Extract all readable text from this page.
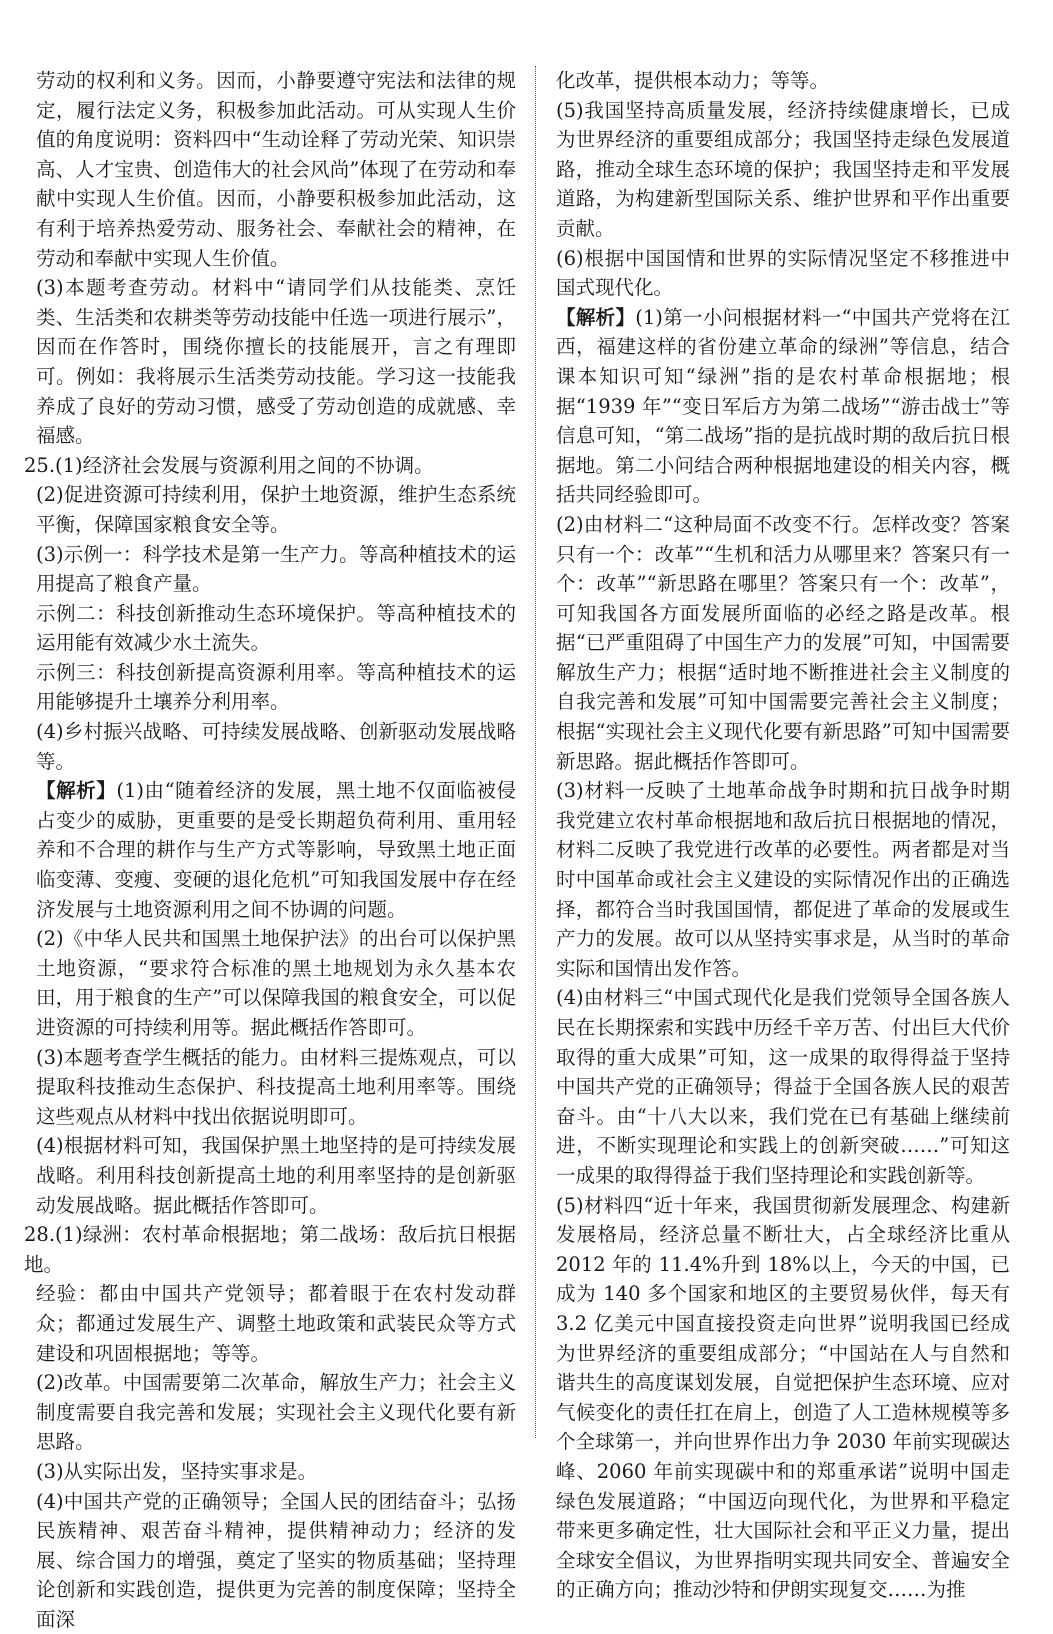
劳动的权利和义务。因而，小静要遵守宪法和法律的规定，履行法定义务，积极参加此活动。可从实现人生价值的角度说明：资料四中“生动诠释了劳动光荣、知识崇高、人才宝贵、创造伟大的社会风尚”体现了在劳动和奉献中实现人生价值。因而，小静要积极参加此活动，这有利于培养热爱劳动、服务社会、奉献社会的精神，在劳动和奉献中实现人生价值。

(3)本题考查劳动。材料中“请同学们从技能类、烹饪类、生活类和农耕类等劳动技能中任选一项进行展示”，因而在作答时，围绕你擅长的技能展开，言之有理即可。例如：我将展示生活类劳动技能。学习这一技能我养成了良好的劳动习惯，感受了劳动创造的成就感、幸福感。

25.(1)经济社会发展与资源利用之间的不协调。

(2)促进资源可持续利用，保护土地资源，维护生态系统平衡，保障国家粮食安全等。

(3)示例一：科学技术是第一生产力。等高种植技术的运用提高了粮食产量。

示例二：科技创新推动生态环境保护。等高种植技术的运用能有效减少水土流失。

示例三：科技创新提高资源利用率。等高种植技术的运用能够提升土壤养分利用率。

(4)乡村振兴战略、可持续发展战略、创新驱动发展战略等。

【解析】(1)由“随着经济的发展，黑土地不仅面临被侵占变少的威胁，更重要的是受长期超负荷利用、重用轻养和不合理的耕作与生产方式等影响，导致黑土地正面临变薄、变瘦、变硬的退化危机”可知我国发展中存在经济发展与土地资源利用之间不协调的问题。

(2)《中华人民共和国黑土地保护法》的出台可以保护黑土地资源，“要求符合标准的黑土地规划为永久基本农田，用于粮食的生产”可以保障我国的粮食安全，可以促进资源的可持续利用等。据此概括作答即可。

(3)本题考查学生概括的能力。由材料三提炼观点，可以提取科技推动生态保护、科技提高土地利用率等。围绕这些观点从材料中找出依据说明即可。

(4)根据材料可知，我国保护黑土地坚持的是可持续发展战略。利用科技创新提高土地的利用率坚持的是创新驱动发展战略。据此概括作答即可。

28.(1)绿洲：农村革命根据地；第二战场：敌后抗日根据地。

经验：都由中国共产党领导；都着眼于在农村发动群众；都通过发展生产、调整土地政策和武装民众等方式建设和巩固根据地；等等。

(2)改革。中国需要第二次革命，解放生产力；社会主义制度需要自我完善和发展；实现社会主义现代化要有新思路。

(3)从实际出发，坚持实事求是。

(4)中国共产党的正确领导；全国人民的团结奋斗；弘扬民族精神、艰苦奋斗精神，提供精神动力；经济的发展、综合国力的增强，奠定了坚实的物质基础；坚持理论创新和实践创造，提供更为完善的制度保障；坚持全面深

化改革，提供根本动力；等等。

(5)我国坚持高质量发展，经济持续健康增长，已成为世界经济的重要组成部分；我国坚持走绿色发展道路，推动全球生态环境的保护；我国坚持走和平发展道路，为构建新型国际关系、维护世界和平作出重要贡献。

(6)根据中国国情和世界的实际情况坚定不移推进中国式现代化。

【解析】(1)第一小问根据材料一“中国共产党将在江西，福建这样的省份建立革命的绿洲”等信息，结合课本知识可知“绿洲”指的是农村革命根据地；根据“1939 年”“变日军后方为第二战场”“游击战士”等信息可知，“第二战场”指的是抗战时期的敌后抗日根据地。第二小问结合两种根据地建设的相关内容，概括共同经验即可。

(2)由材料二“这种局面不改变不行。怎样改变？答案只有一个：改革”“生机和活力从哪里来？答案只有一个：改革”“新思路在哪里？答案只有一个：改革”，可知我国各方面发展所面临的必经之路是改革。根据“已严重阻碍了中国生产力的发展”可知，中国需要解放生产力；根据“适时地不断推进社会主义制度的自我完善和发展”可知中国需要完善社会主义制度；根据“实现社会主义现代化要有新思路”可知中国需要新思路。据此概括作答即可。

(3)材料一反映了土地革命战争时期和抗日战争时期我党建立农村革命根据地和敌后抗日根据地的情况，材料二反映了我党进行改革的必要性。两者都是对当时中国革命或社会主义建设的实际情况作出的正确选择，都符合当时我国国情，都促进了革命的发展或生产力的发展。故可以从坚持实事求是，从当时的革命实际和国情出发作答。

(4)由材料三“中国式现代化是我们党领导全国各族人民在长期探索和实践中历经千辛万苦、付出巨大代价取得的重大成果”可知，这一成果的取得得益于坚持中国共产党的正确领导；得益于全国各族人民的艰苦奋斗。由“十八大以来，我们党在已有基础上继续前进，不断实现理论和实践上的创新突破……”可知这一成果的取得得益于我们坚持理论和实践创新等。

(5)材料四“近十年来，我国贯彻新发展理念、构建新发展格局，经济总量不断壮大，占全球经济比重从 2012 年的 11.4%升到 18%以上，今天的中国，已成为 140 多个国家和地区的主要贸易伙伴，每天有 3.2 亿美元中国直接投资走向世界”说明我国已经成为世界经济的重要组成部分；“中国站在人与自然和谐共生的高度谋划发展，自觉把保护生态环境、应对气候变化的责任扛在肩上，创造了人工造林规模等多个全球第一，并向世界作出力争 2030 年前实现碳达峰、2060 年前实现碳中和的郑重承诺”说明中国走绿色发展道路；“中国迈向现代化，为世界和平稳定带来更多确定性，壮大国际社会和平正义力量，提出全球安全倡议，为世界指明实现共同安全、普遍安全的正确方向；推动沙特和伊朗实现复交……为推
